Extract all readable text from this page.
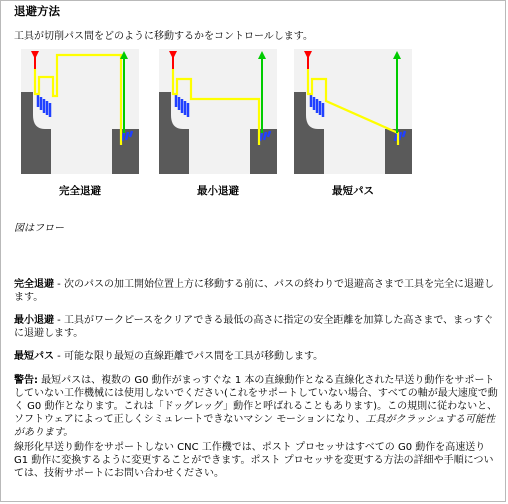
退避方法
工具が切削パス間をどのように移動するかをコントロールします。
完全退避	最小退避	最短パス
図はフロー
完全退避 - 次のパスの加工開始位置上方に移動する前に、パスの終わりで退避高さまで工具を完全に退避します。
最小退避 - 工具がワークピースをクリアできる最低の高さに指定の安全距離を加算した高さまで、まっすぐに退避します。
最短パス - 可能な限り最短の直線距離でパス間を工具が移動します。
警告: 最短パスは、複数の G0 動作がまっすぐな 1 本の直線動作となる直線化された早送り動作をサポートしていない工作機械には使用しないでください(これをサポートしていない場合、すべての軸が最大速度で動く G0 動作となります。これは「ドッグレッグ」動作と呼ばれることもあります)。この規則に従わないと、ソフトウェアによって正しくシミュレートできないマシン モーションになり、工具がクラッシュする可能性があります。
線形化早送り動作をサポートしない CNC 工作機では、ポスト プロセッサはすべての G0 動作を高速送り G1 動作に変換するように変更することができます。ポスト プロセッサを変更する方法の詳細や手順については、技術サポートにお問い合わせください。
